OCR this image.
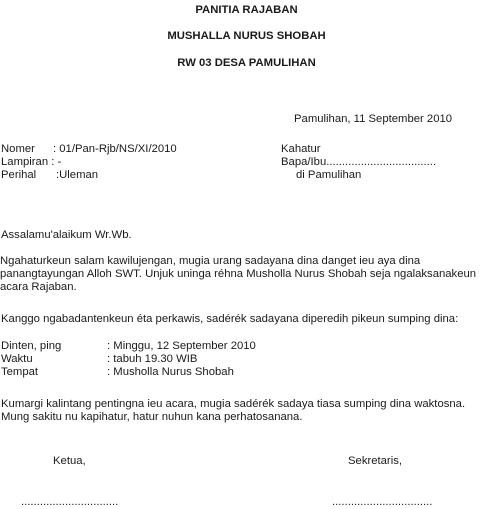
PANITIA RAJABAN
MUSHALLA NURUS SHOBAH
RW 03 DESA PAMULIHAN
Pamulihan, 11 September 2010
Nomer : 01/Pan-Rjb/NS/XI/2010
Lampiran : -
Perihal :Uleman
Kahatur
Bapa/Ibu...................................
di Pamulihan
Assalamu'alaikum Wr.Wb.
Ngahaturkeun salam kawilujengan, mugia urang sadayana dina danget ieu aya dina
panangtayungan Alloh SWT. Unjuk uninga réhna Musholla Nurus Shobah seja ngalaksanakeun
acara Rajaban.
Kanggo ngabadantenkeun éta perkawis, sadérék sadayana diperedih pikeun sumping dina:
Dinten, ping	: Minggu, 12 September 2010
Waktu	: tabuh 19.30 WIB
Tempat	: Musholla Nurus Shobah
Kumargi kalintang pentingna ieu acara, mugia sadérék sadaya tiasa sumping dina waktosna.
Mung sakitu nu kapihatur, hatur nuhun kana perhatosanana.
Ketua,	Sekretaris,
...............................	................................
